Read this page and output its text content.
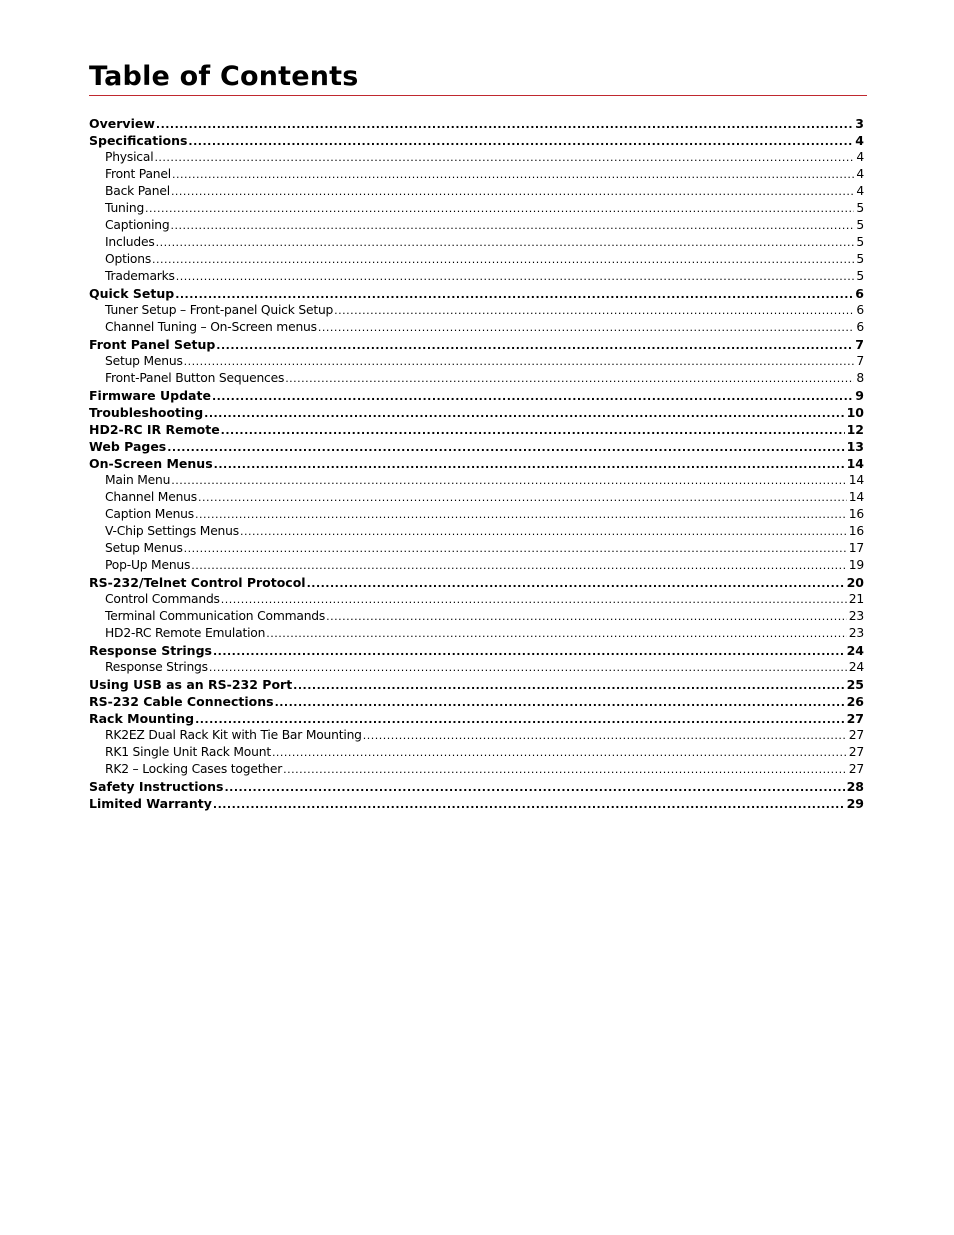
Table of Contents
Overview .....	3
Specifications .....	4
Physical .....	4
Front Panel .....	4
Back Panel .....	4
Tuning .....	5
Captioning .....	5
Includes .....	5
Options .....	5
Trademarks .....	5
Quick Setup .....	6
Tuner Setup – Front-panel Quick Setup .....	6
Channel Tuning – On-Screen menus .....	6
Front Panel Setup .....	7
Setup Menus .....	7
Front-Panel Button Sequences .....	8
Firmware Update .....	9
Troubleshooting .....	10
HD2-RC IR Remote .....	12
Web Pages .....	13
On-Screen Menus .....	14
Main Menu .....	14
Channel Menus .....	14
Caption Menus .....	16
V-Chip Settings Menus .....	16
Setup Menus .....	17
Pop-Up Menus .....	19
RS-232/Telnet Control Protocol .....	20
Control Commands .....	21
Terminal Communication Commands .....	23
HD2-RC Remote Emulation .....	23
Response Strings .....	24
Response Strings .....	24
Using USB as an RS-232 Port .....	25
RS-232 Cable Connections .....	26
Rack Mounting .....	27
RK2EZ Dual Rack Kit with Tie Bar Mounting .....	27
RK1 Single Unit Rack Mount .....	27
RK2 – Locking Cases together .....	27
Safety Instructions .....	28
Limited Warranty .....	29
